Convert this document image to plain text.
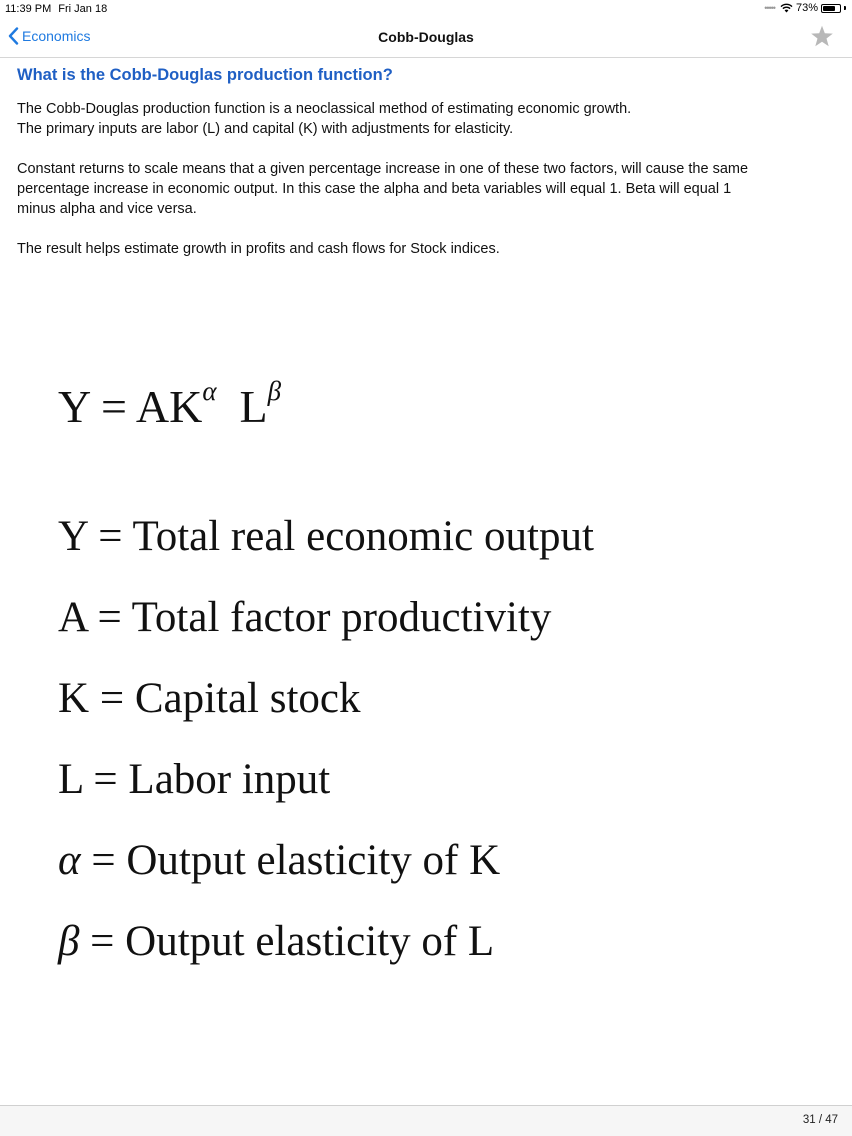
11:39 PM Fri Jan 18	••••• 73%
Economics	Cobb-Douglas
What is the Cobb-Douglas production function?

The Cobb-Douglas production function is a neoclassical method of estimating economic growth.
The primary inputs are labor (L) and capital (K) with adjustments for elasticity.

Constant returns to scale means that a given percentage increase in one of these two factors, will cause the same
percentage increase in economic output. In this case the alpha and beta variables will equal 1. Beta will equal 1
minus alpha and vice versa.

The result helps estimate growth in profits and cash flows for Stock indices.

$Y = AK^\alpha$ $L^\beta$
Y = Total real economic output
A = Total factor productivity
K = Capital stock
L = Labor input
α = Output elasticity of K
β = Output elasticity of L
31 / 47
